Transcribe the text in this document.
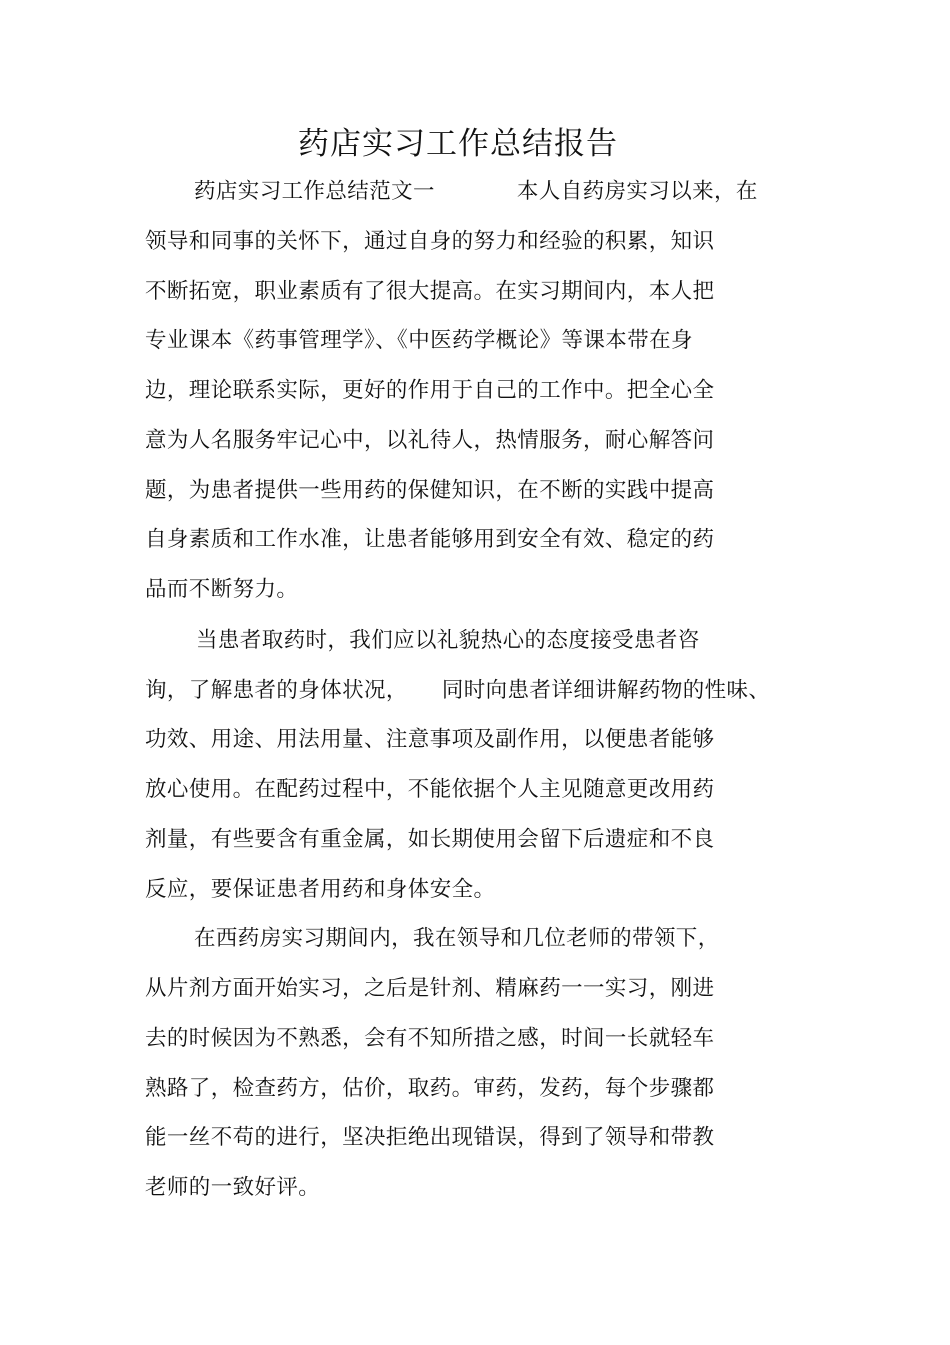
药店实习工作总结报告
药店实习工作总结范文一	本人自药房实习以来，在
领导和同事的关怀下，通过自身的努力和经验的积累，知识
不断拓宽，职业素质有了很大提高。在实习期间内，本人把
专业课本《药事管理学》、《中医药学概论》等课本带在身
边，理论联系实际，更好的作用于自己的工作中。把全心全
意为人名服务牢记心中，以礼待人，热情服务，耐心解答问
题，为患者提供一些用药的保健知识，在不断的实践中提高
自身素质和工作水准，让患者能够用到安全有效、稳定的药
品而不断努力。
当患者取药时，我们应以礼貌热心的态度接受患者咨
询，了解患者的身体状况， 同时向患者详细讲解药物的性味、
功效、用途、用法用量、注意事项及副作用，以便患者能够
放心使用。在配药过程中，不能依据个人主见随意更改用药
剂量，有些要含有重金属，如长期使用会留下后遗症和不良
反应，要保证患者用药和身体安全。
在西药房实习期间内，我在领导和几位老师的带领下，
从片剂方面开始实习，之后是针剂、精麻药一一实习，刚进
去的时候因为不熟悉，会有不知所措之感，时间一长就轻车
熟路了，检查药方，估价，取药。审药，发药，每个步骤都
能一丝不苟的进行，坚决拒绝出现错误，得到了领导和带教
老师的一致好评。
